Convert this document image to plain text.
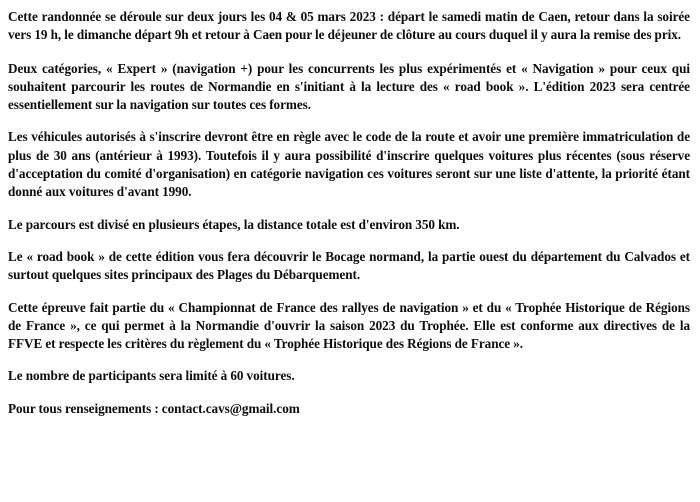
Cette randonnée se déroule sur deux jours les 04 & 05 mars 2023 : départ le samedi matin de Caen, retour dans la soirée vers 19 h, le dimanche départ 9h et retour à Caen pour le déjeuner de clôture au cours duquel il y aura la remise des prix.

Deux catégories, « Expert » (navigation +) pour les concurrents les plus expérimentés et « Navigation » pour ceux qui souhaitent parcourir les routes de Normandie en s'initiant à la lecture des « road book ». L'édition 2023 sera centrée essentiellement sur la navigation sur toutes ces formes.

Les véhicules autorisés à s'inscrire devront être en règle avec le code de la route et avoir une première immatriculation de plus de 30 ans (antérieur à 1993). Toutefois il y aura possibilité d'inscrire quelques voitures plus récentes (sous réserve d'acceptation du comité d'organisation) en catégorie navigation ces voitures seront sur une liste d'attente, la priorité étant donné aux voitures d'avant 1990.

Le parcours est divisé en plusieurs étapes, la distance totale est d'environ 350 km.

Le « road book » de cette édition vous fera découvrir le Bocage normand, la partie ouest du département du Calvados et surtout quelques sites principaux des Plages du Débarquement.

Cette épreuve fait partie du « Championnat de France des rallyes de navigation » et du « Trophée Historique de Régions de France », ce qui permet à la Normandie d'ouvrir la saison 2023 du Trophée. Elle est conforme aux directives de la FFVE et respecte les critères du règlement du « Trophée Historique des Régions de France ».

Le nombre de participants sera limité à 60 voitures.

Pour tous renseignements : contact.cavs@gmail.com
